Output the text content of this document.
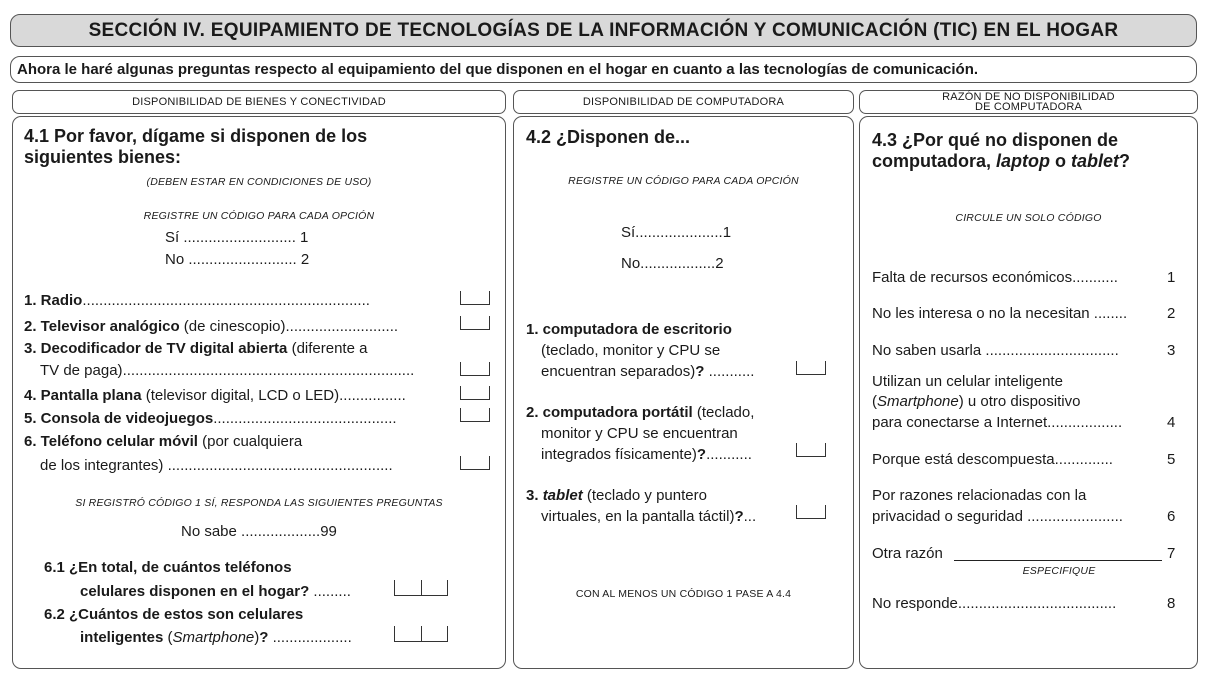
SECCIÓN IV. EQUIPAMIENTO DE TECNOLOGÍAS DE LA INFORMACIÓN Y COMUNICACIÓN (TIC) EN EL HOGAR
Ahora le haré algunas preguntas respecto al equipamiento del que disponen en el hogar en cuanto a las tecnologías de comunicación.
DISPONIBILIDAD DE BIENES Y CONECTIVIDAD	DISPONIBILIDAD DE COMPUTADORA	RAZÓN DE NO DISPONIBILIDAD
DE COMPUTADORA
4.1 Por favor, dígame si disponen de los
siguientes bienes:
(DEBEN ESTAR EN CONDICIONES DE USO)
REGISTRE UN CÓDIGO PARA CADA OPCIÓN
Sí ........................... 1
No .......................... 2
1. Radio.....................................................................
2. Televisor analógico (de cinescopio)...........................
3. Decodificador de TV digital abierta (diferente a
TV de paga)......................................................................
4. Pantalla plana (televisor digital, LCD o LED)................
5. Consola de videojuegos............................................
6. Teléfono celular móvil (por cualquiera
de los integrantes) ......................................................
SI REGISTRÓ CÓDIGO 1 SÍ, RESPONDA LAS SIGUIENTES PREGUNTAS
No sabe ...................99
6.1 ¿En total, de cuántos teléfonos
celulares disponen en el hogar? .........
6.2 ¿Cuántos de estos son celulares
inteligentes (Smartphone)? ...................
4.2 ¿Disponen de...
REGISTRE UN CÓDIGO PARA CADA OPCIÓN
Sí.....................1
No..................2
1. computadora de escritorio
(teclado, monitor y CPU se
encuentran separados)? ...........
2. computadora portátil (teclado,
monitor y CPU se encuentran
integrados físicamente)?...........
3. tablet (teclado y puntero
virtuales, en la pantalla táctil)?...
CON AL MENOS UN CÓDIGO 1 PASE A 4.4
4.3 ¿Por qué no disponen de
computadora, laptop o tablet?
CIRCULE UN SOLO CÓDIGO
Falta de recursos económicos...........	1
No les interesa o no la necesitan ........	2
No saben usarla ................................	3
Utilizan un celular inteligente
(Smartphone) u otro dispositivo
para conectarse a Internet..................	4
Porque está descompuesta..............	5
Por razones relacionadas con la
privacidad o seguridad .......................	6
Otra razón	7
ESPECIFIQUE
No responde......................................	8
